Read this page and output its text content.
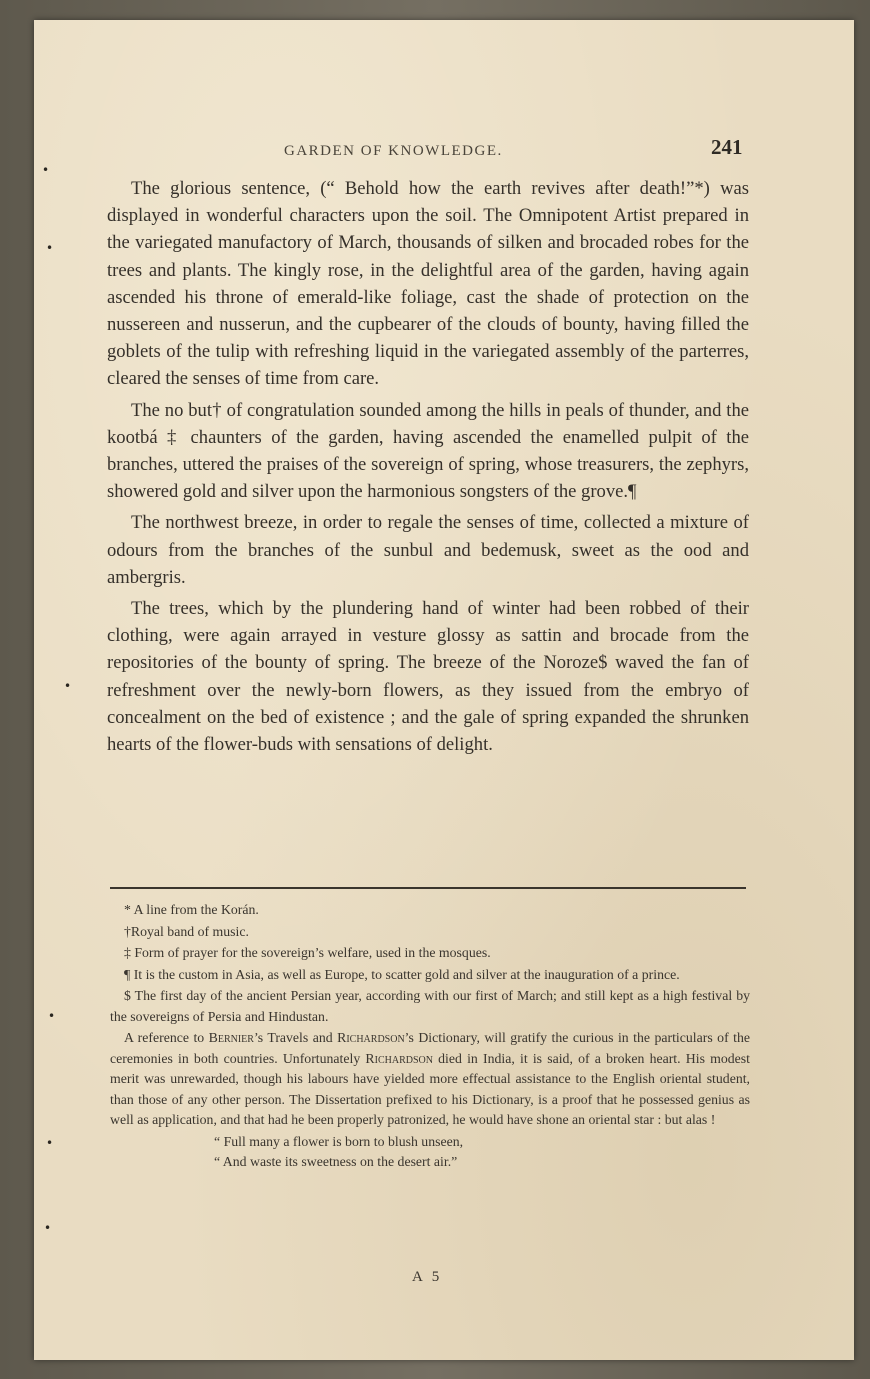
•
•
•
•
•
•
GARDEN OF KNOWLEDGE.	241

The glorious sentence, (“ Behold how the earth revives after death!”*) was displayed in wonderful characters upon the soil. The Omnipotent Artist prepared in the variegated manufactory of March, thousands of silken and brocaded robes for the trees and plants. The kingly rose, in the delightful area of the garden, having again ascended his throne of emerald-like foliage, cast the shade of protection on the nussereen and nusserun, and the cupbearer of the clouds of bounty, having filled the goblets of the tulip with refreshing liquid in the variegated assembly of the parterres, cleared the senses of time from care.

The no but† of congratulation sounded among the hills in peals of thunder, and the kootbá ‡ chaunters of the garden, having ascended the enamelled pulpit of the branches, uttered the praises of the sovereign of spring, whose treasurers, the zephyrs, showered gold and silver upon the harmonious songsters of the grove.¶

The northwest breeze, in order to regale the senses of time, collected a mixture of odours from the branches of the sunbul and bedemusk, sweet as the ood and ambergris.

The trees, which by the plundering hand of winter had been robbed of their clothing, were again arrayed in vesture glossy as sattin and brocade from the repositories of the bounty of spring. The breeze of the Noroze$ waved the fan of refreshment over the newly-born flowers, as they issued from the embryo of concealment on the bed of existence ; and the gale of spring expanded the shrunken hearts of the flower-buds with sensations of delight.

* A line from the Korán.

†Royal band of music.

‡ Form of prayer for the sovereign’s welfare, used in the mosques.

¶ It is the custom in Asia, as well as Europe, to scatter gold and silver at the inauguration of a prince.

$ The first day of the ancient Persian year, according with our first of March; and still kept as a high festival by the sovereigns of Persia and Hindustan.

A reference to Bernier’s Travels and Richardson’s Dictionary, will gratify the curious in the particulars of the ceremonies in both countries. Unfortunately Richardson died in India, it is said, of a broken heart. His modest merit was unrewarded, though his labours have yielded more effectual assistance to the English oriental student, than those of any other person. The Dissertation prefixed to his Dictionary, is a proof that he possessed genius as well as application, and that had he been properly patronized, he would have shone an oriental star : but alas !

“ Full many a flower is born to blush unseen,

“ And waste its sweetness on the desert air.”

A 5
